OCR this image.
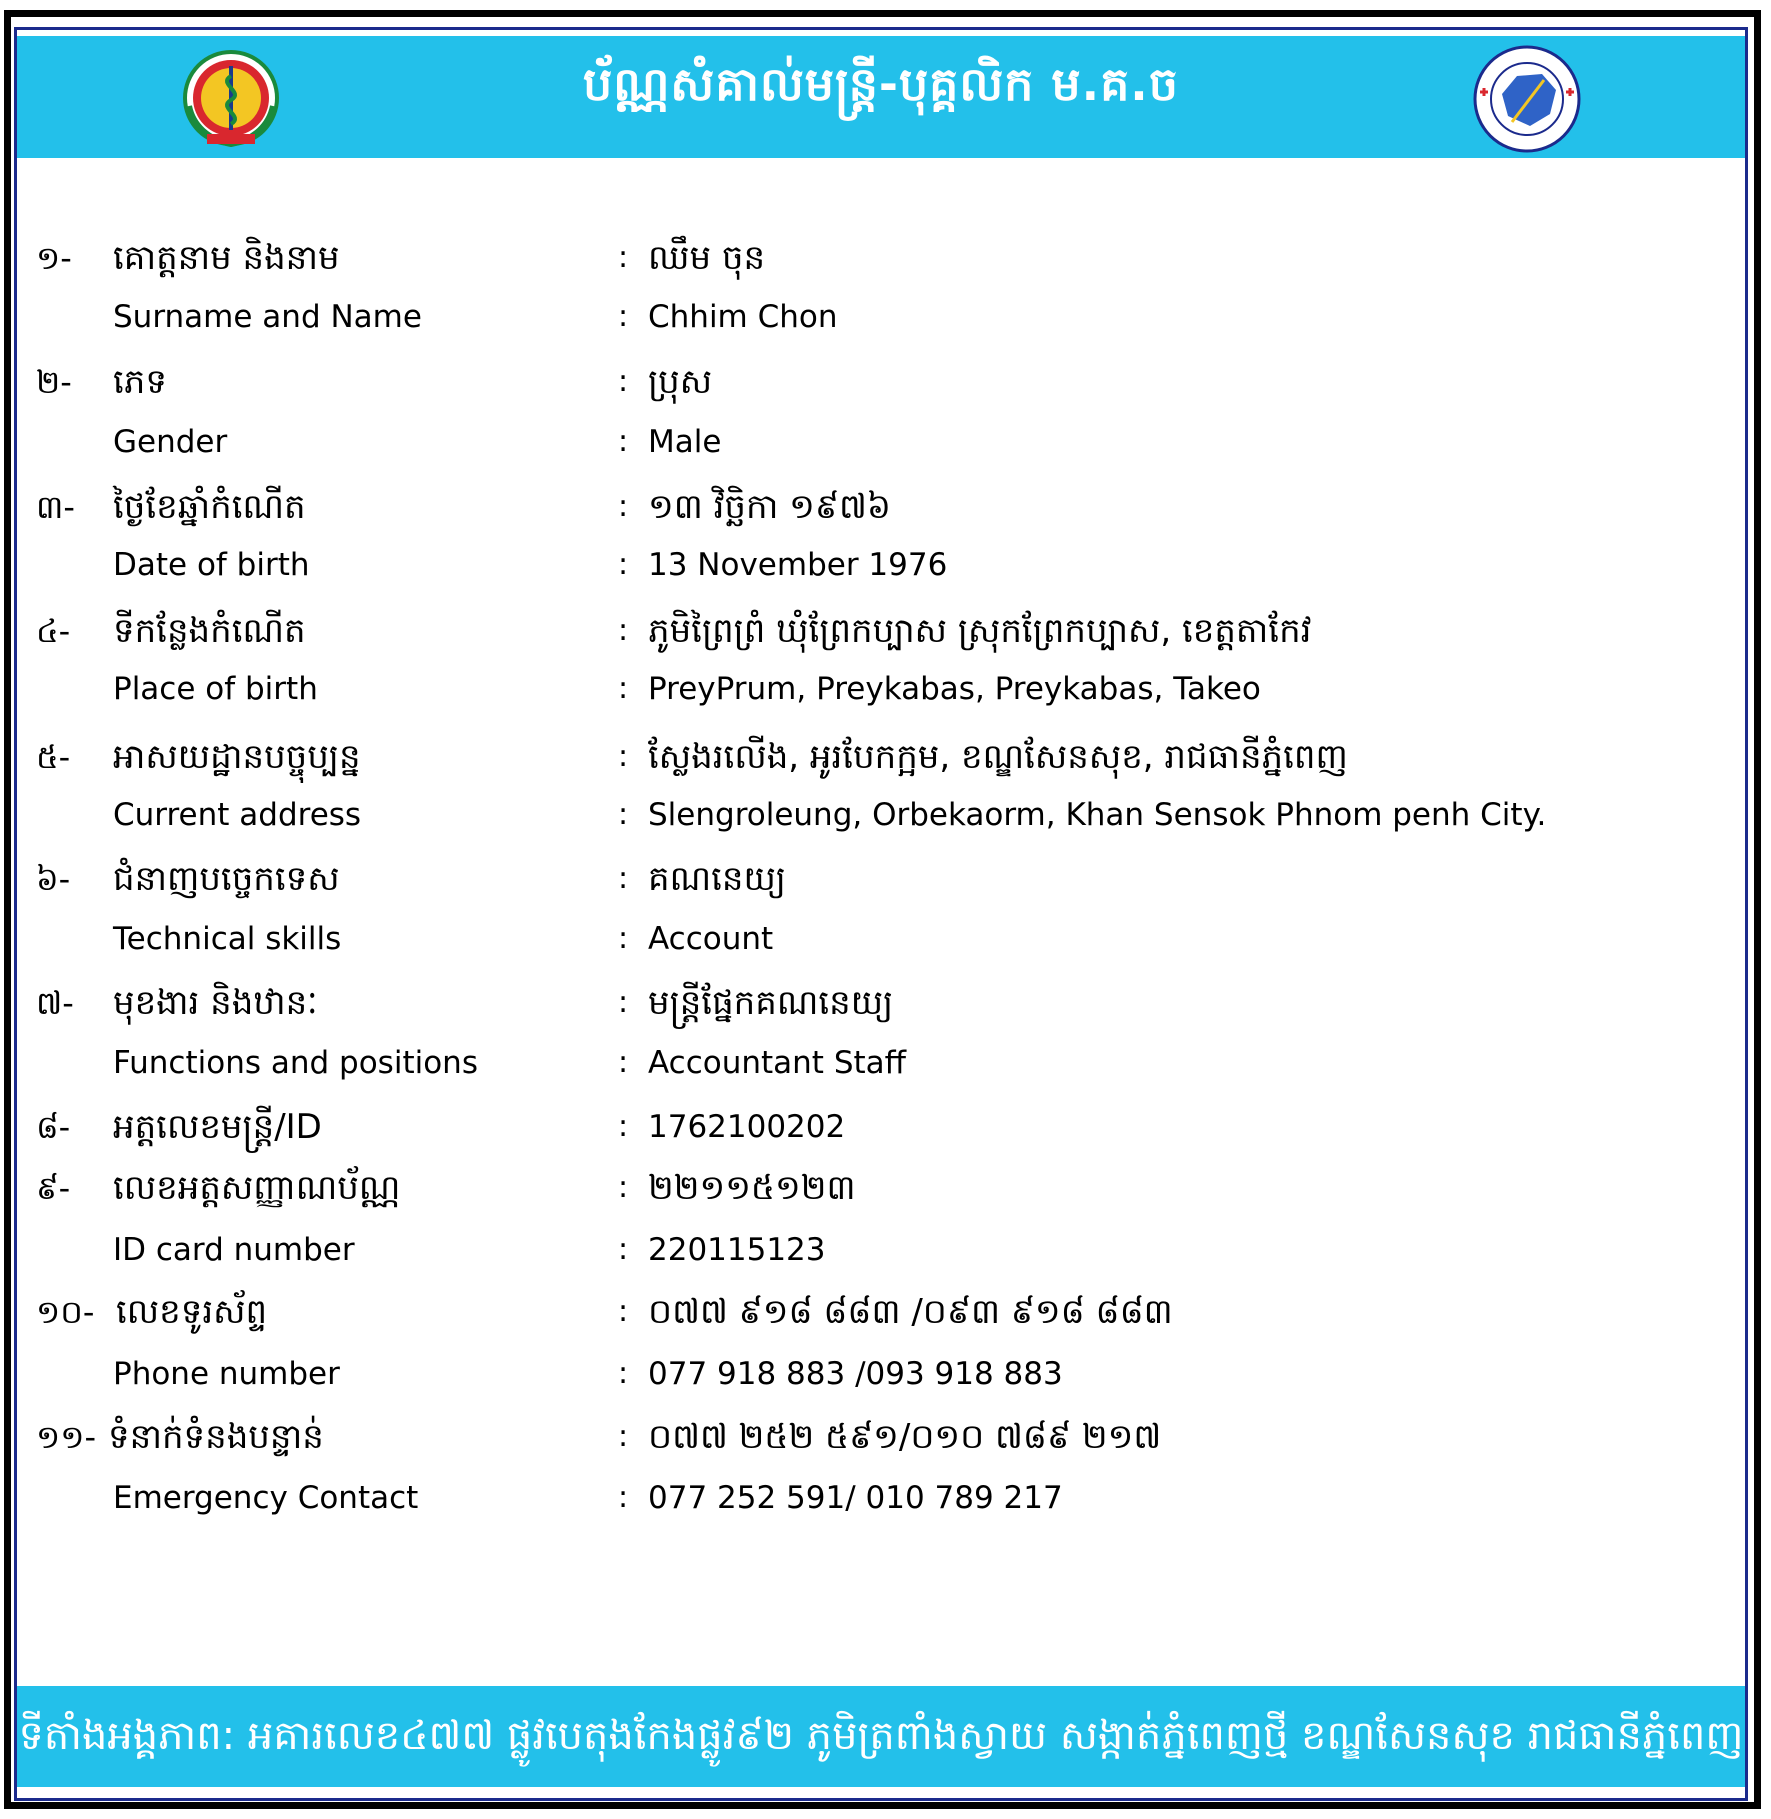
ប័ណ្ណសំគាល់មន្ត្រី-បុគ្គលិក ម.គ.ច
១- គោត្តនាម និងនាម	: ឈឹម ចុន
Surname and Name	: Chhim Chon
២- ភេទ	: ប្រុស
Gender	: Male
៣- ថ្ងៃខែឆ្នាំកំណើត	: ១៣ វិច្ឆិកា ១៩៧៦
Date of birth	: 13 November 1976
៤- ទីកន្លែងកំណើត	: ភូមិព្រៃព្រំ ឃុំព្រែកប្បាស ស្រុកព្រែកប្បាស, ខេត្តតាកែវ
Place of birth	: PreyPrum, Preykabas, Preykabas, Takeo
៥- អាសយដ្ឋានបច្ចុប្បន្ន	: ស្លែងរលើង, អូរបែកក្អម, ខណ្ឌសែនសុខ, រាជធានីភ្នំពេញ
Current address	: Slengroleung, Orbekaorm, Khan Sensok Phnom penh City.
៦- ជំនាញបច្ចេកទេស	: គណនេយ្យ
Technical skills	: Account
៧- មុខងារ និងឋានៈ	: មន្ត្រីផ្នែកគណនេយ្យ
Functions and positions	: Accountant Staff
៨- អត្តលេខមន្ត្រី/ID	: 1762100202
៩- លេខអត្តសញ្ញាណប័ណ្ណ	: ២២១១៥១២៣
ID card number	: 220115123
១០- លេខទូរស័ព្ទ	: ០៧៧ ៩១៨ ៨៨៣ /០៩៣ ៩១៨ ៨៨៣
Phone number	: 077 918 883 /093 918 883
១១- ទំនាក់ទំនងបន្ទាន់	: ០៧៧ ២៥២ ៥៩១/០១០ ៧៨៩ ២១៧
Emergency Contact	: 077 252 591/ 010 789 217
ទីតាំងអង្គភាព: អគារលេខ៤៧៧ ផ្លូវបេតុងកែងផ្លូវ៩២ ភូមិត្រពាំងស្វាយ សង្កាត់ភ្នំពេញថ្មី ខណ្ឌសែនសុខ រាជធានីភ្នំពេញ
